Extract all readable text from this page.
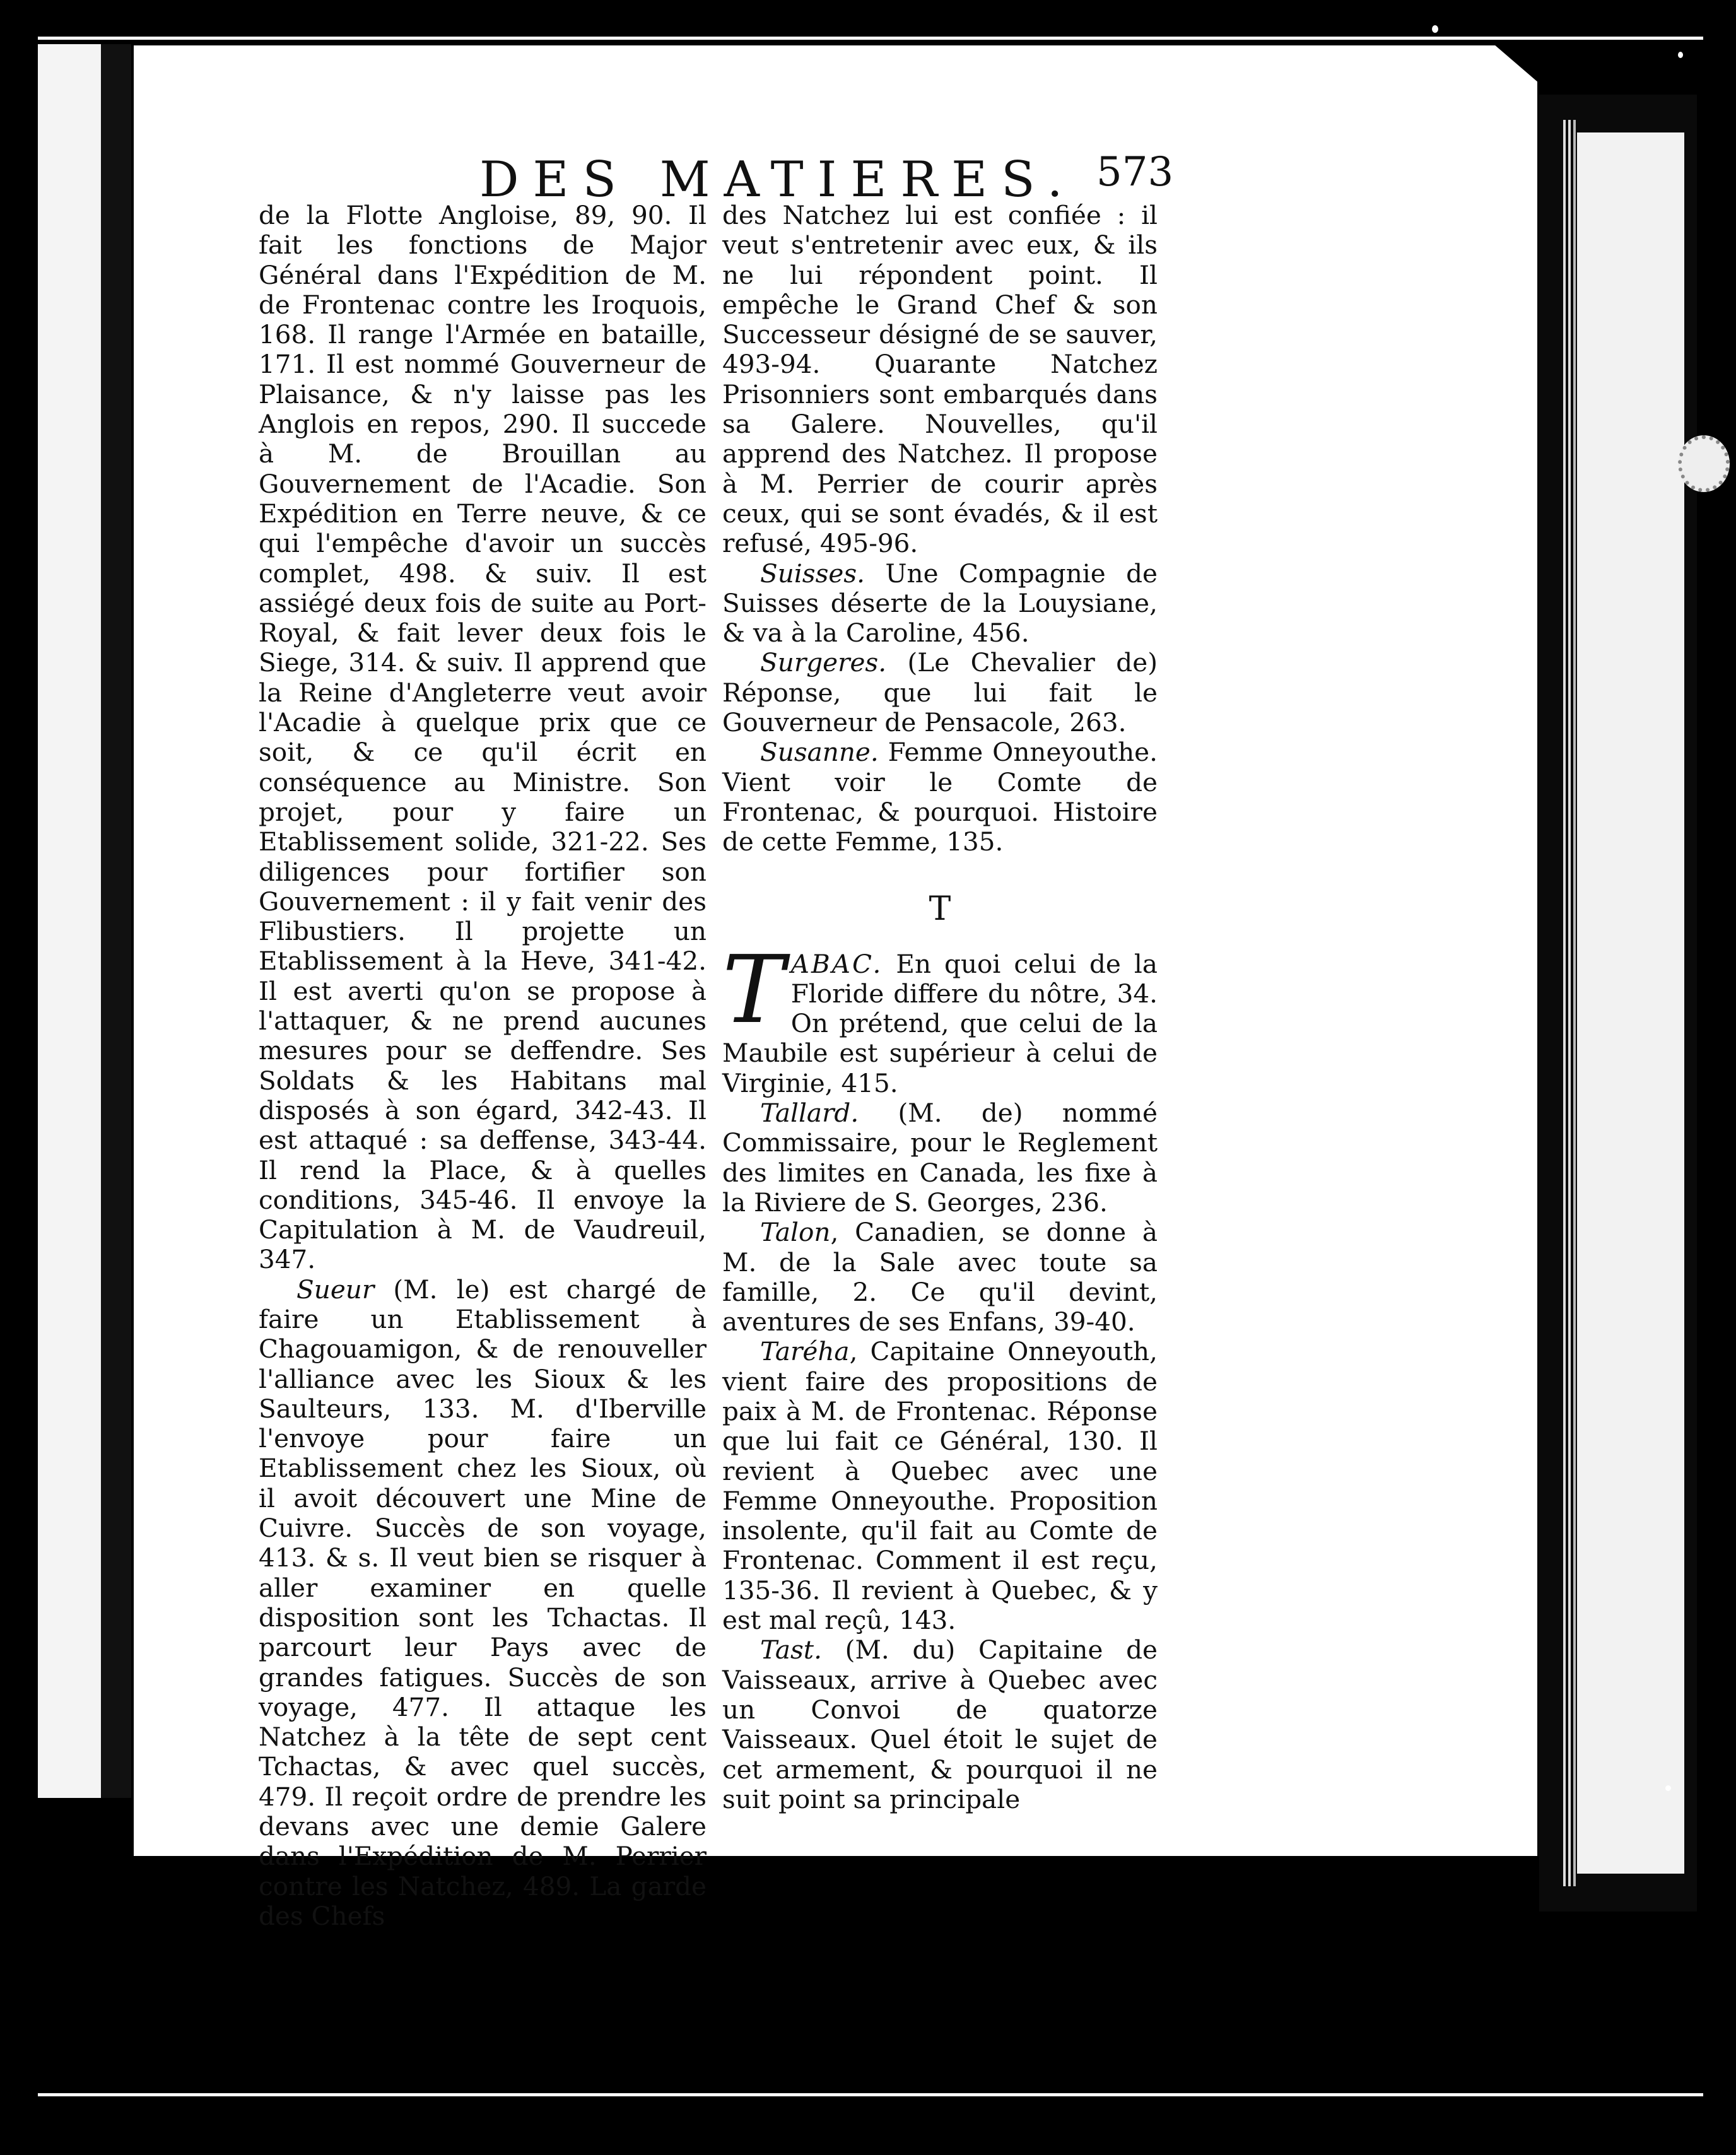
DES MATIERES. 573

de la Flotte Angloise, 89, 90. Il fait les fonctions de Major Général dans l'Expédition de M. de Frontenac contre les Iroquois, 168. Il range l'Armée en bataille, 171. Il est nommé Gouverneur de Plaisance, & n'y laisse pas les Anglois en repos, 290. Il succede à M. de Brouillan au Gouvernement de l'Acadie. Son Expédition en Terre neuve, & ce qui l'empêche d'avoir un succès complet, 498. & suiv. Il est assiégé deux fois de suite au Port-Royal, & fait lever deux fois le Siege, 314. & suiv. Il apprend que la Reine d'Angleterre veut avoir l'Acadie à quelque prix que ce soit, & ce qu'il écrit en conséquence au Ministre. Son projet, pour y faire un Etablissement solide, 321-22. Ses diligences pour fortifier son Gouvernement : il y fait venir des Flibustiers. Il projette un Etablissement à la Heve, 341-42. Il est averti qu'on se propose à l'attaquer, & ne prend aucunes mesures pour se deffendre. Ses Soldats & les Habitans mal disposés à son égard, 342-43. Il est attaqué : sa deffense, 343-44. Il rend la Place, & à quelles conditions, 345-46. Il envoye la Capitulation à M. de Vaudreuil, 347.

Sueur (M. le) est chargé de faire un Etablissement à Chagouamigon, & de renouveller l'alliance avec les Sioux & les Saulteurs, 133. M. d'Iberville l'envoye pour faire un Etablissement chez les Sioux, où il avoit découvert une Mine de Cuivre. Succès de son voyage, 413. & s. Il veut bien se risquer à aller examiner en quelle disposition sont les Tchactas. Il parcourt leur Pays avec de grandes fatigues. Succès de son voyage, 477. Il attaque les Natchez à la tête de sept cent Tchactas, & avec quel succès, 479. Il reçoit ordre de prendre les devans avec une demie Galere dans l'Expédition de M. Perrier contre les Natchez, 489. La garde des Chefs

des Natchez lui est confiée : il veut s'entretenir avec eux, & ils ne lui répondent point. Il empêche le Grand Chef & son Successeur désigné de se sauver, 493-94. Quarante Natchez Prisonniers sont embarqués dans sa Galere. Nouvelles, qu'il apprend des Natchez. Il propose à M. Perrier de courir après ceux, qui se sont évadés, & il est refusé, 495-96.

Suisses. Une Compagnie de Suisses déserte de la Louysiane, & va à la Caroline, 456.

Surgeres. (Le Chevalier de) Réponse, que lui fait le Gouverneur de Pensacole, 263.

Susanne. Femme Onneyouthe. Vient voir le Comte de Frontenac, & pourquoi. Histoire de cette Femme, 135.

T

TABAC. En quoi celui de la Floride differe du nôtre, 34. On prétend, que celui de la Maubile est supérieur à celui de Virginie, 415.

Tallard. (M. de) nommé Commissaire, pour le Reglement des limites en Canada, les fixe à la Riviere de S. Georges, 236.

Talon, Canadien, se donne à M. de la Sale avec toute sa famille, 2. Ce qu'il devint, aventures de ses Enfans, 39-40.

Taréha, Capitaine Onneyouth, vient faire des propositions de paix à M. de Frontenac. Réponse que lui fait ce Général, 130. Il revient à Quebec avec une Femme Onneyouthe. Proposition insolente, qu'il fait au Comte de Frontenac. Comment il est reçu, 135-36. Il revient à Quebec, & y est mal reçû, 143.

Tast. (M. du) Capitaine de Vaisseaux, arrive à Quebec avec un Convoi de quatorze Vaisseaux. Quel étoit le sujet de cet armement, & pourquoi il ne suit point sa principale
